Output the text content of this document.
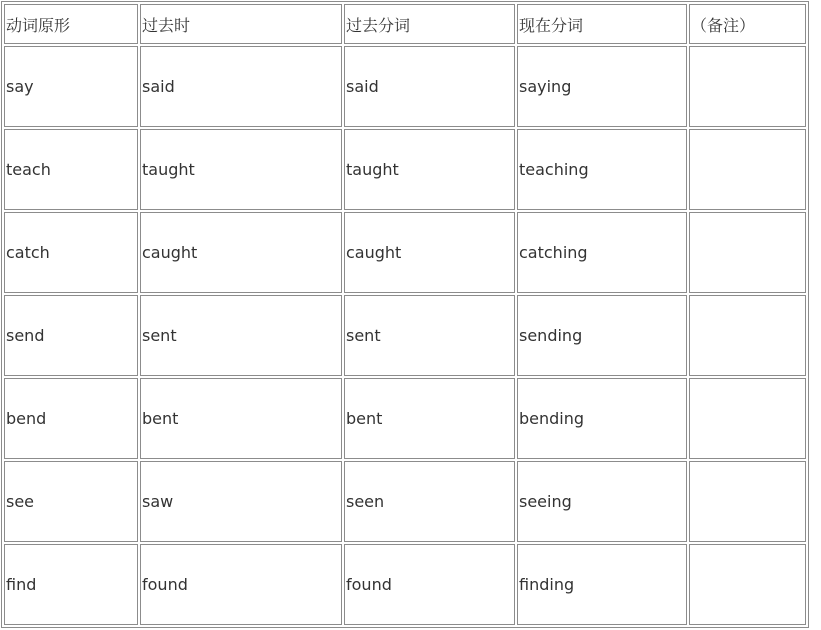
动词原形	过去时	过去分词	现在分词	（备注）
say	said	said	saying	
teach	taught	taught	teaching	
catch	caught	caught	catching	
send	sent	sent	sending	
bend	bent	bent	bending	
see	saw	seen	seeing	
find	found	found	finding	
